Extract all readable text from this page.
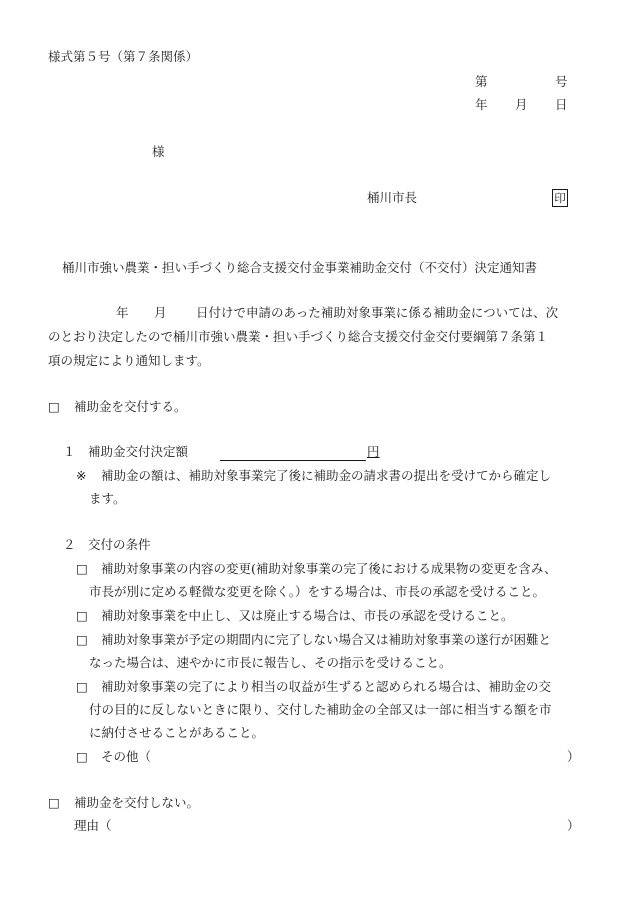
様式第５号（第７条関係）
第	号
年 月 日
様
桶川市長	印
桶川市強い農業・担い手づくり総合支援交付金事業補助金交付（不交付）決定通知書
年 月 日付けで申請のあった補助対象事業に係る補助金については、次
のとおり決定したので桶川市強い農業・担い手づくり総合支援交付金交付要綱第７条第１
項の規定により通知します。
□ 補助金を交付する。
１ 補助金交付決定額	円
※ 補助金の額は、補助対象事業完了後に補助金の請求書の提出を受けてから確定し
ます。
２ 交付の条件
□ 補助対象事業の内容の変更(補助対象事業の完了後における成果物の変更を含み、
市長が別に定める軽微な変更を除く。）をする場合は、市長の承認を受けること。
□ 補助対象事業を中止し、又は廃止する場合は、市長の承認を受けること。
□ 補助対象事業が予定の期間内に完了しない場合又は補助対象事業の遂行が困難と
なった場合は、速やかに市長に報告し、その指示を受けること。
□ 補助対象事業の完了により相当の収益が生ずると認められる場合は、補助金の交
付の目的に反しないときに限り、交付した補助金の全部又は一部に相当する額を市
に納付させることがあること。
□ その他（	）
□ 補助金を交付しない。
理由（	）
